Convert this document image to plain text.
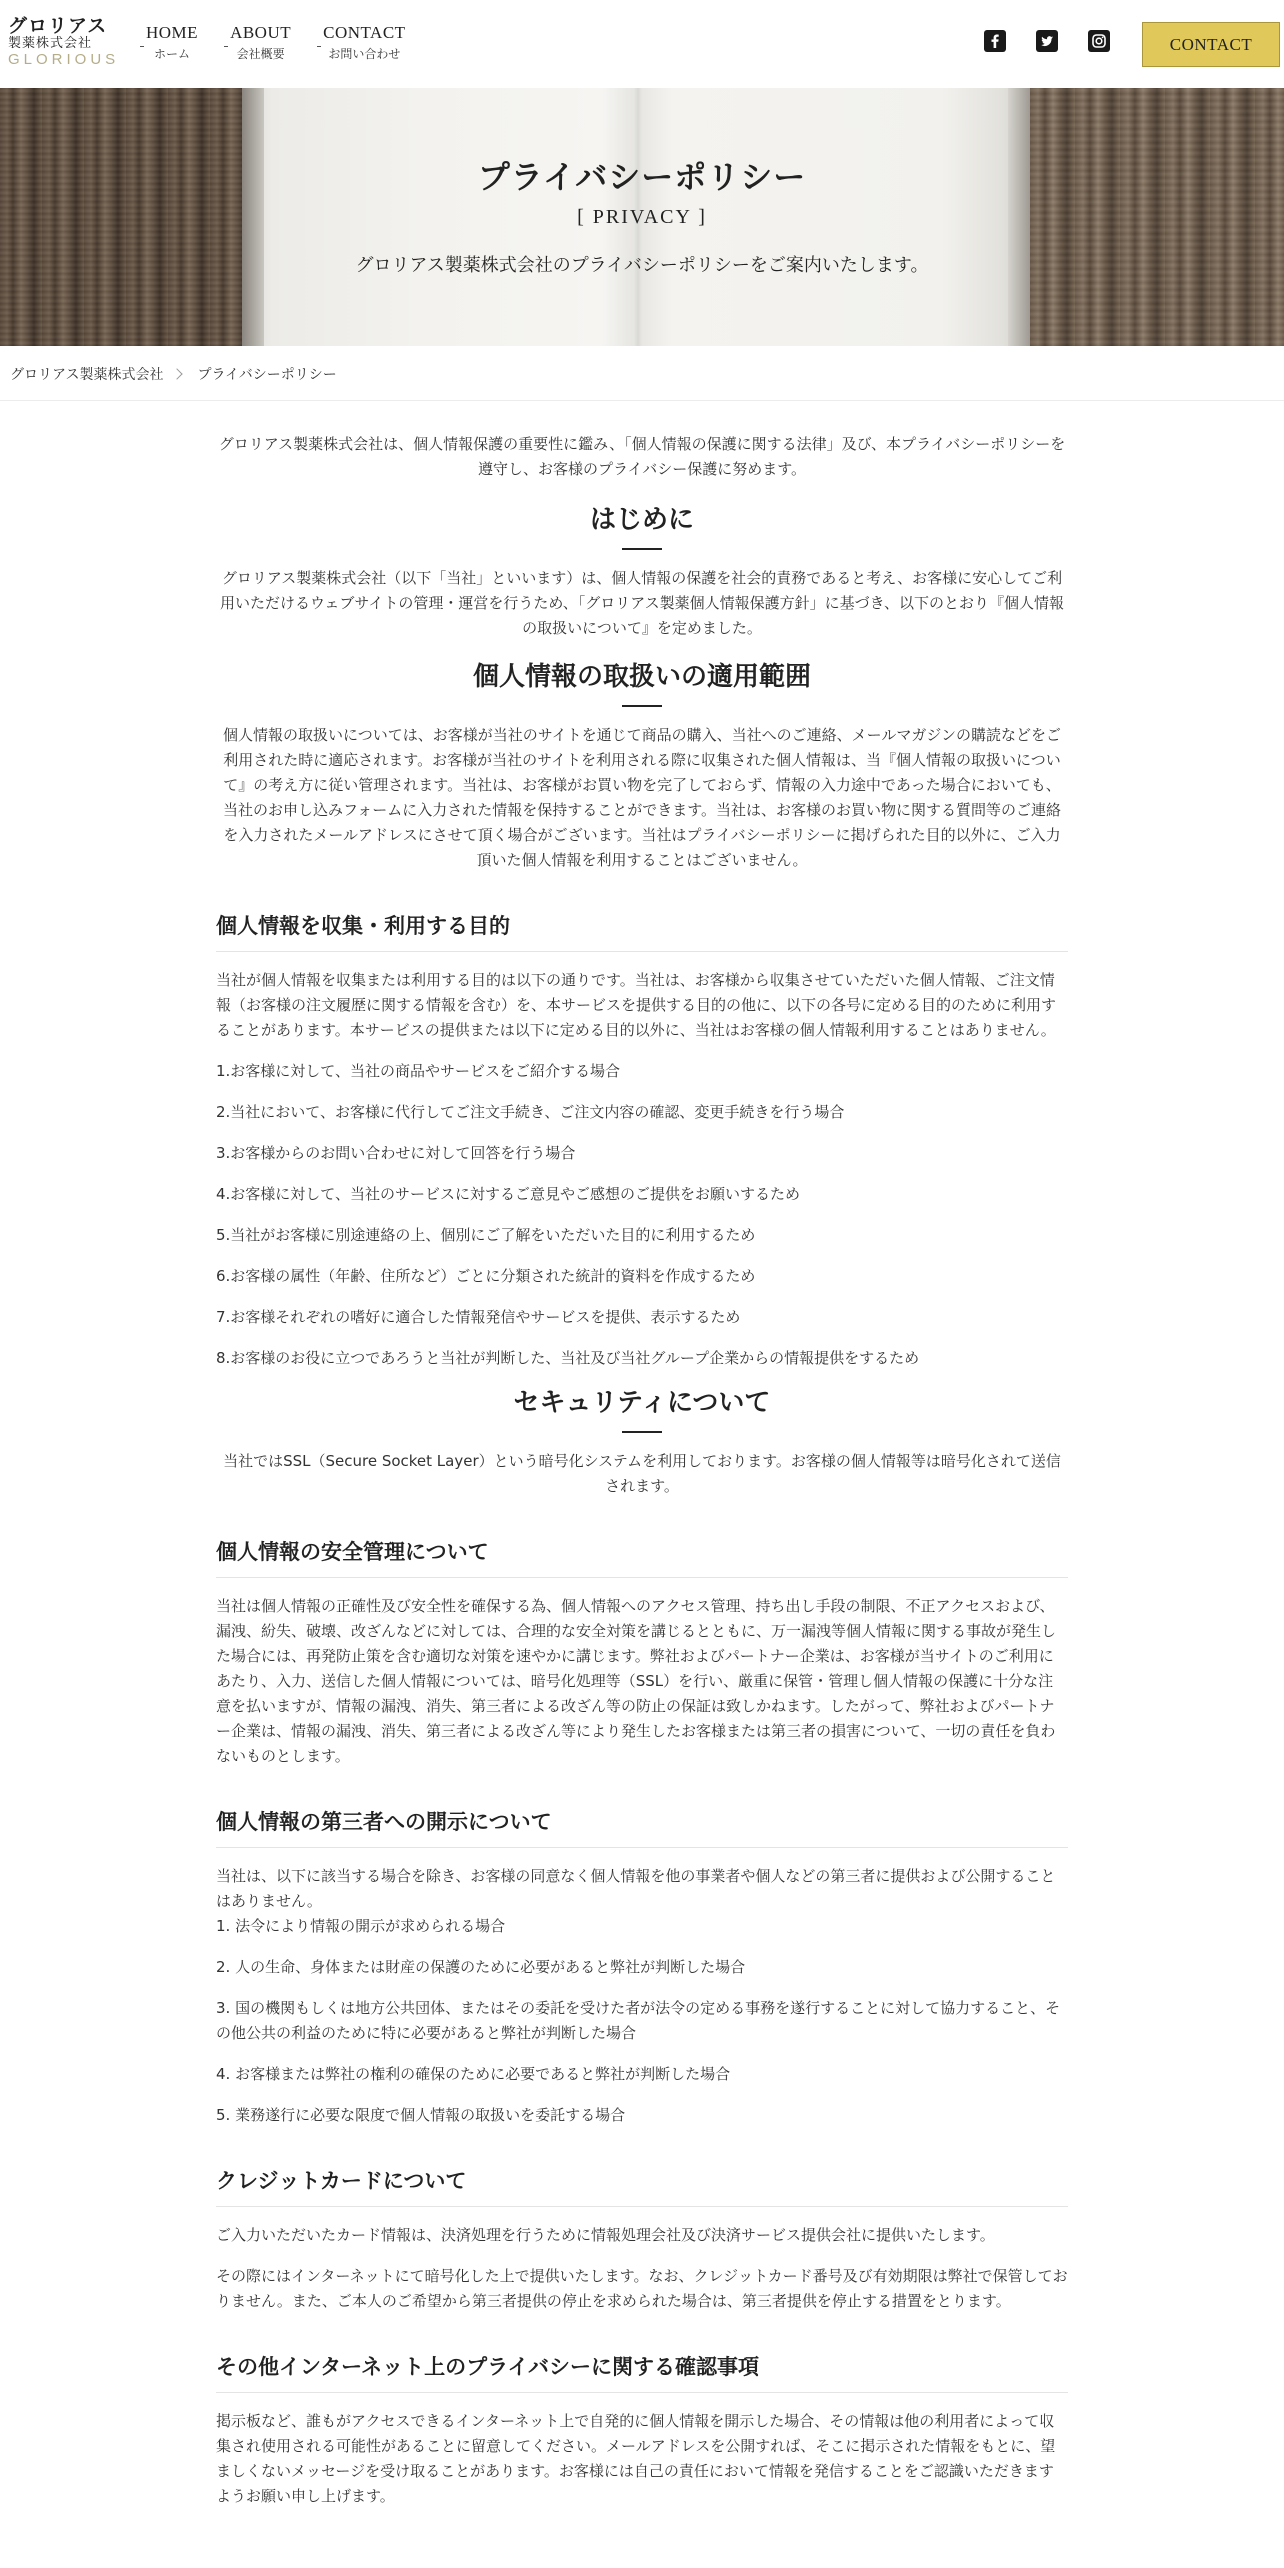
グロリアス
製薬株式会社
GLORIOUS
HOME
ホーム
ABOUT
会社概要
CONTACT
お問い合わせ
CONTACT
プライバシーポリシー
[ PRIVACY ]

グロリアス製薬株式会社のプライバシーポリシーをご案内いたします。

グロリアス製薬株式会社 プライバシーポリシー

グロリアス製薬株式会社は、個人情報保護の重要性に鑑み、「個人情報の保護に関する法律」及び、本プライバシーポリシーを遵守し、お客様のプライバシー保護に努めます。

はじめに

グロリアス製薬株式会社（以下「当社」といいます）は、個人情報の保護を社会的責務であると考え、お客様に安心してご利用いただけるウェブサイトの管理・運営を行うため、「グロリアス製薬個人情報保護方針」に基づき、以下のとおり『個人情報の取扱いについて』を定めました。

個人情報の取扱いの適用範囲

個人情報の取扱いについては、お客様が当社のサイトを通じて商品の購入、当社へのご連絡、メールマガジンの購読などをご利用された時に適応されます。お客様が当社のサイトを利用される際に収集された個人情報は、当『個人情報の取扱いについて』の考え方に従い管理されます。当社は、お客様がお買い物を完了しておらず、情報の入力途中であった場合においても、当社のお申し込みフォームに入力された情報を保持することができます。当社は、お客様のお買い物に関する質問等のご連絡を入力されたメールアドレスにさせて頂く場合がございます。当社はプライバシーポリシーに掲げられた目的以外に、ご入力頂いた個人情報を利用することはございません。

個人情報を収集・利用する目的

当社が個人情報を収集または利用する目的は以下の通りです。当社は、お客様から収集させていただいた個人情報、ご注文情報（お客様の注文履歴に関する情報を含む）を、本サービスを提供する目的の他に、以下の各号に定める目的のために利用することがあります。本サービスの提供または以下に定める目的以外に、当社はお客様の個人情報利用することはありません。

1.お客様に対して、当社の商品やサービスをご紹介する場合

2.当社において、お客様に代行してご注文手続き、ご注文内容の確認、変更手続きを行う場合

3.お客様からのお問い合わせに対して回答を行う場合

4.お客様に対して、当社のサービスに対するご意見やご感想のご提供をお願いするため

5.当社がお客様に別途連絡の上、個別にご了解をいただいた目的に利用するため

6.お客様の属性（年齢、住所など）ごとに分類された統計的資料を作成するため

7.お客様それぞれの嗜好に適合した情報発信やサービスを提供、表示するため

8.お客様のお役に立つであろうと当社が判断した、当社及び当社グループ企業からの情報提供をするため

セキュリティについて

当社ではSSL（Secure Socket Layer）という暗号化システムを利用しております。お客様の個人情報等は暗号化されて送信されます。

個人情報の安全管理について

当社は個人情報の正確性及び安全性を確保する為、個人情報へのアクセス管理、持ち出し手段の制限、不正アクセスおよび、漏洩、紛失、破壊、改ざんなどに対しては、合理的な安全対策を講じるとともに、万一漏洩等個人情報に関する事故が発生した場合には、再発防止策を含む適切な対策を速やかに講じます。弊社およびパートナー企業は、お客様が当サイトのご利用にあたり、入力、送信した個人情報については、暗号化処理等（SSL）を行い、厳重に保管・管理し個人情報の保護に十分な注意を払いますが、情報の漏洩、消失、第三者による改ざん等の防止の保証は致しかねます。したがって、弊社およびパートナー企業は、情報の漏洩、消失、第三者による改ざん等により発生したお客様または第三者の損害について、一切の責任を負わないものとします。

個人情報の第三者への開示について

当社は、以下に該当する場合を除き、お客様の同意なく個人情報を他の事業者や個人などの第三者に提供および公開することはありません。

1. 法令により情報の開示が求められる場合

2. 人の生命、身体または財産の保護のために必要があると弊社が判断した場合

3. 国の機関もしくは地方公共団体、またはその委託を受けた者が法令の定める事務を遂行することに対して協力すること、その他公共の利益のために特に必要があると弊社が判断した場合

4. お客様または弊社の権利の確保のために必要であると弊社が判断した場合

5. 業務遂行に必要な限度で個人情報の取扱いを委託する場合

クレジットカードについて

ご入力いただいたカード情報は、決済処理を行うために情報処理会社及び決済サービス提供会社に提供いたします。

その際にはインターネットにて暗号化した上で提供いたします。なお、クレジットカード番号及び有効期限は弊社で保管しておりません。また、ご本人のご希望から第三者提供の停止を求められた場合は、第三者提供を停止する措置をとります。

その他インターネット上のプライバシーに関する確認事項

掲示板など、誰もがアクセスできるインターネット上で自発的に個人情報を開示した場合、その情報は他の利用者によって収集され使用される可能性があることに留意してください。メールアドレスを公開すれば、そこに掲示された情報をもとに、望ましくないメッセージを受け取ることがあります。お客様には自己の責任において情報を発信することをご認識いただきますようお願い申し上げます。
